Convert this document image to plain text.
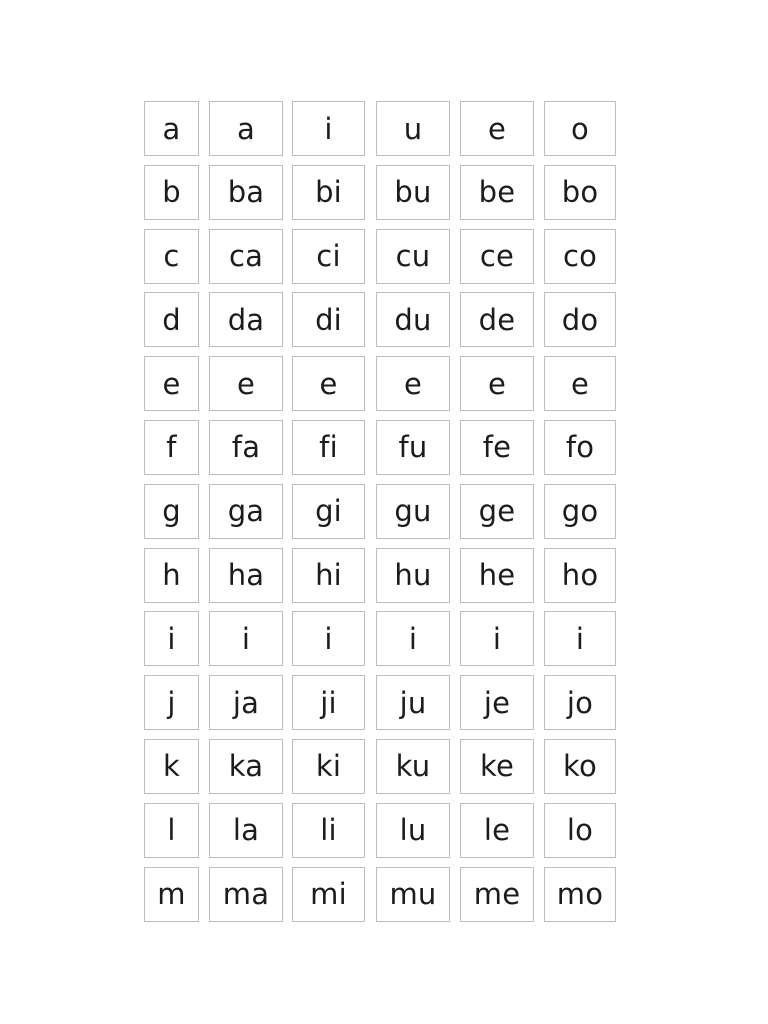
a	a	i	u	e	o
b	ba	bi	bu	be	bo
c	ca	ci	cu	ce	co
d	da	di	du	de	do
e	e	e	e	e	e
f	fa	fi	fu	fe	fo
g	ga	gi	gu	ge	go
h	ha	hi	hu	he	ho
i	i	i	i	i	i
j	ja	ji	ju	je	jo
k	ka	ki	ku	ke	ko
l	la	li	lu	le	lo
m	ma	mi	mu	me	mo
